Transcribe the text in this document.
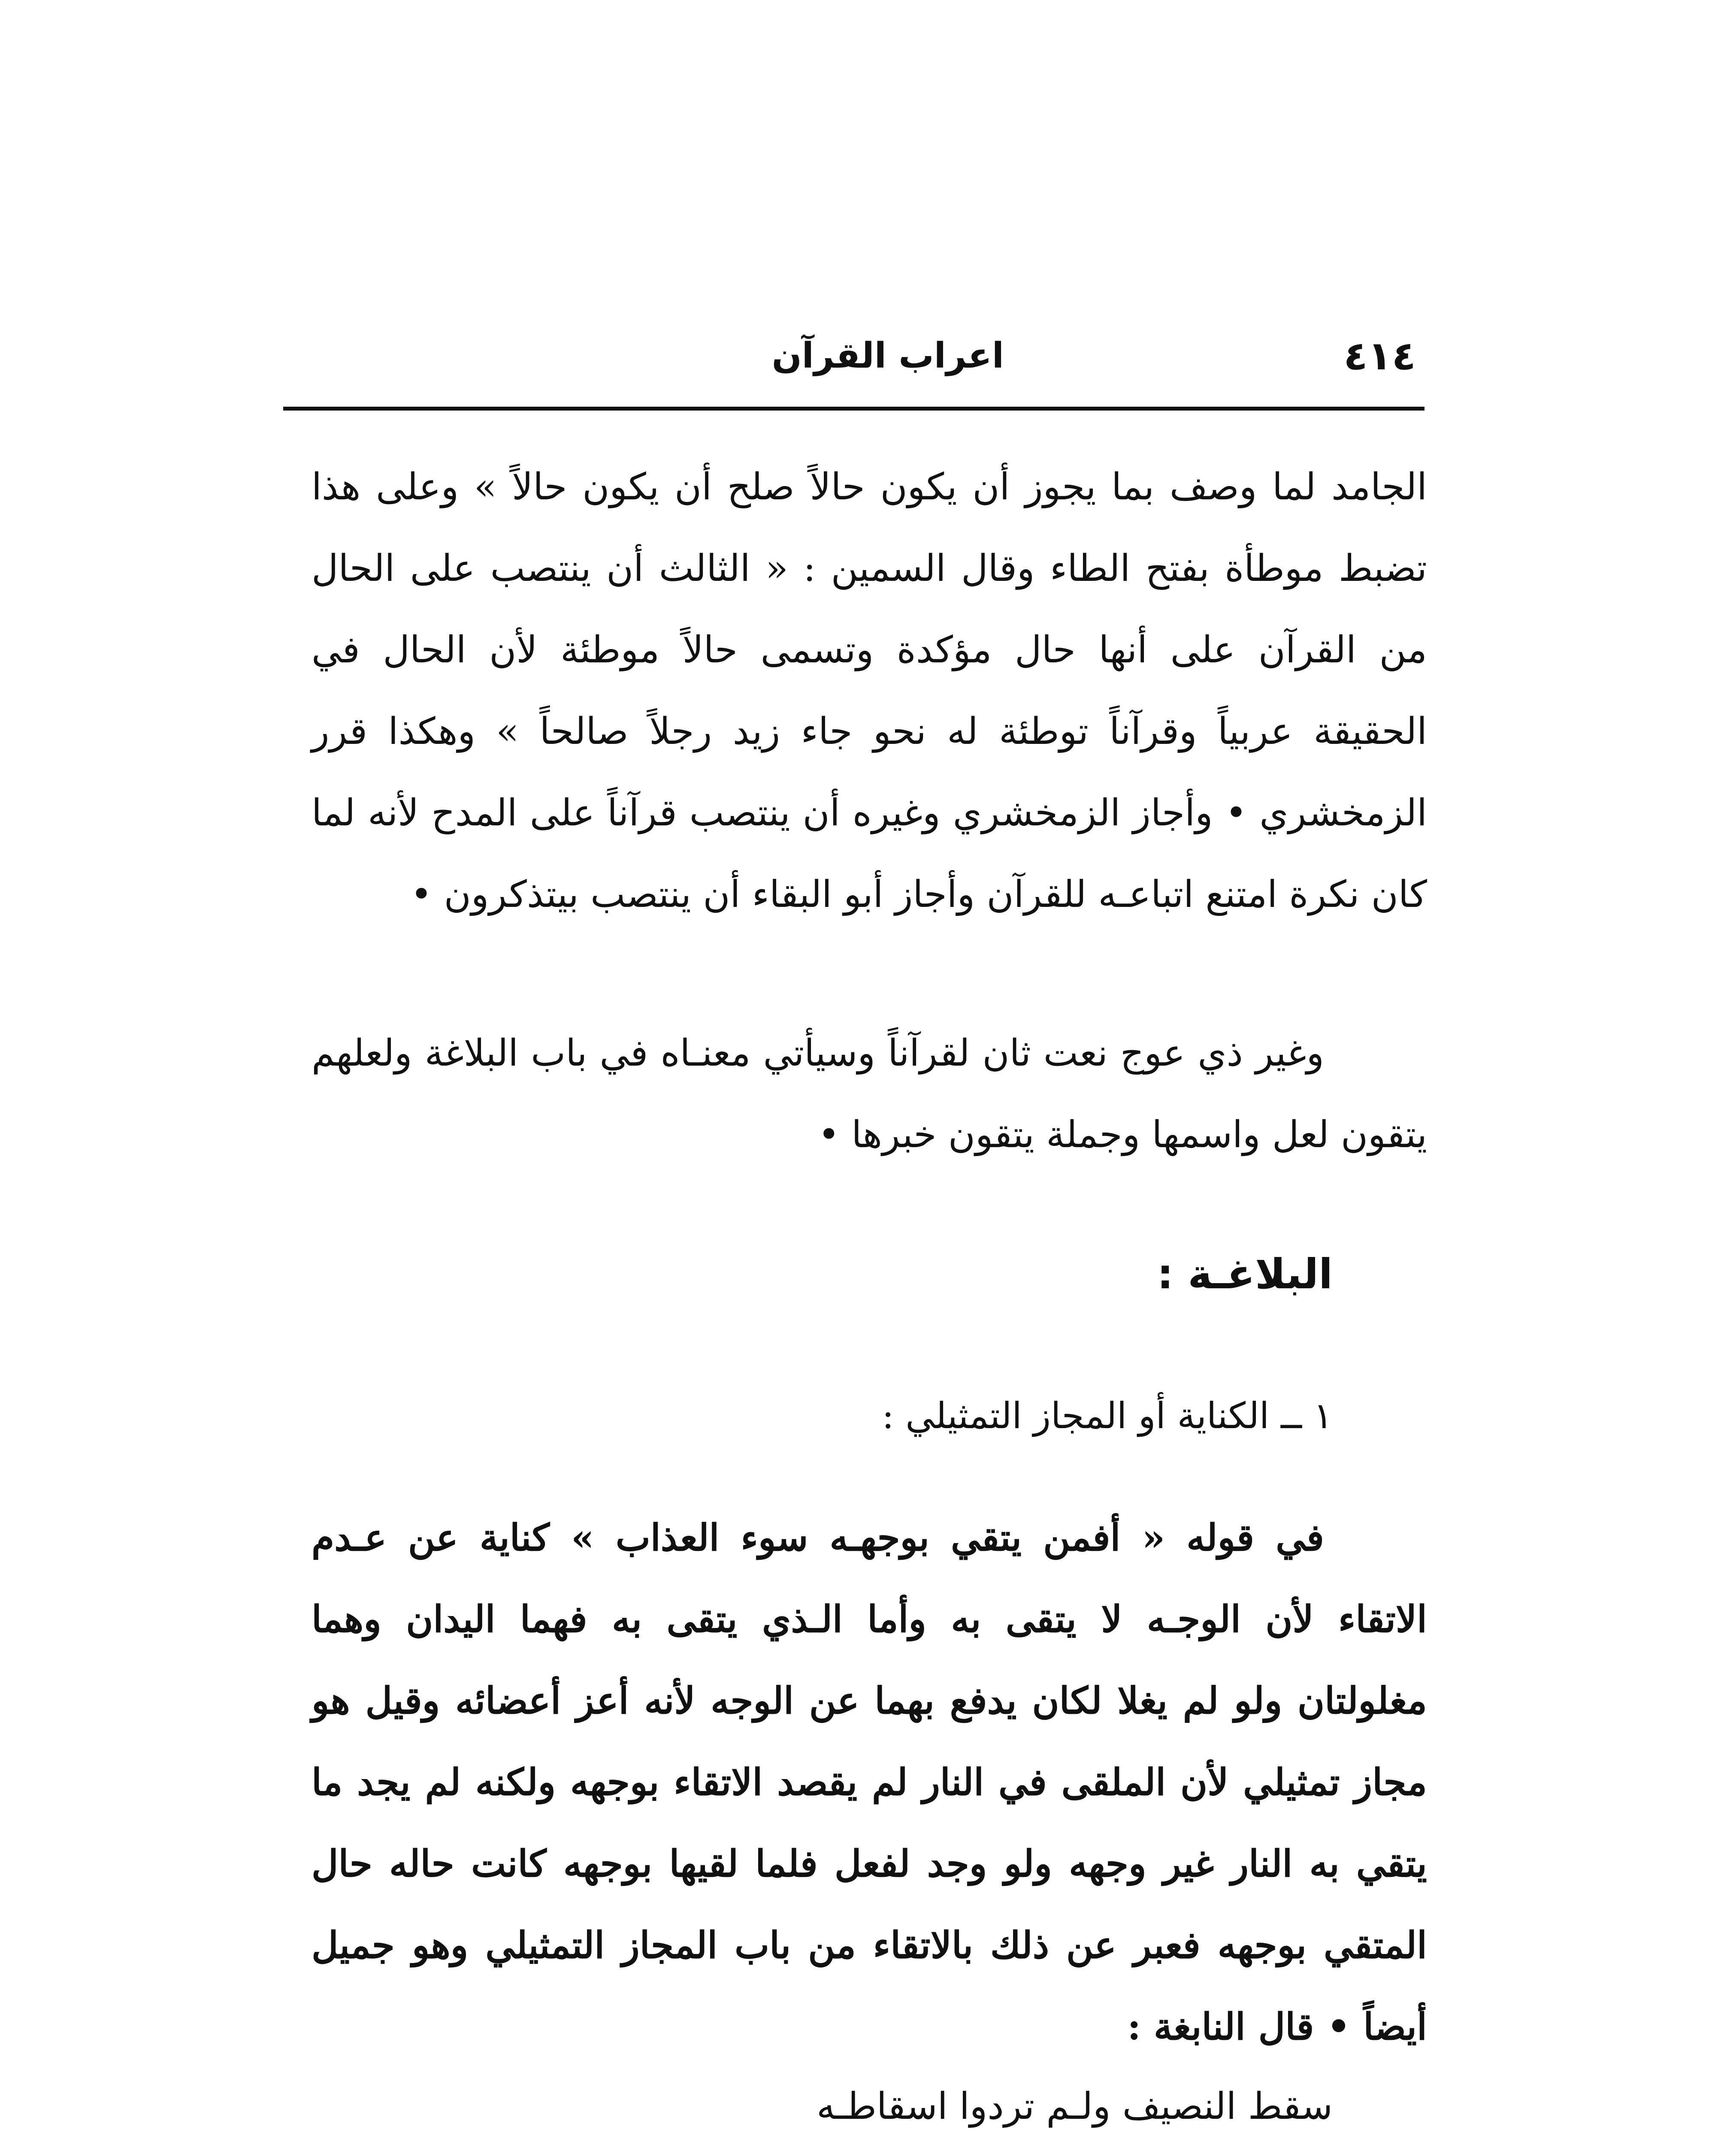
٤١٤
اعراب القرآن

الجامد لما وصف بما يجوز أن يكون حالاً صلح أن يكون حالاً » وعلى هذا تضبط موطأة بفتح الطاء وقال السمين : « الثالث أن ينتصب على الحال من القرآن على أنها حال مؤكدة وتسمى حالاً موطئة لأن الحال في الحقيقة عربياً وقرآناً توطئة له نحو جاء زيد رجلاً صالحاً » وهكذا قرر الزمخشري • وأجاز الزمخشري وغيره أن ينتصب قرآناً على المدح لأنه لما كان نكرة امتنع اتباعـه للقرآن وأجاز أبو البقاء أن ينتصب بيتذكرون •

وغير ذي عوج نعت ثان لقرآناً وسيأتي معنـاه في باب البلاغة ولعلهم يتقون لعل واسمها وجملة يتقون خبرها •

البلاغـة :
١ ــ الكناية أو المجاز التمثيلي :

في قوله « أفمن يتقي بوجهـه سوء العذاب » كناية عن عـدم الاتقاء لأن الوجـه لا يتقى به وأما الـذي يتقى به فهما اليدان وهما مغلولتان ولو لم يغلا لكان يدفع بهما عن الوجه لأنه أعز أعضائه وقيل هو مجاز تمثيلي لأن الملقى في النار لم يقصد الاتقاء بوجهه ولكنه لم يجد ما يتقي به النار غير وجهه ولو وجد لفعل فلما لقيها بوجهه كانت حاله حال المتقي بوجهه فعبر عن ذلك بالاتقاء من باب المجاز التمثيلي وهو جميل أيضاً • قال النابغة :

سقط النصيف ولـم تردوا اسقاطـه
